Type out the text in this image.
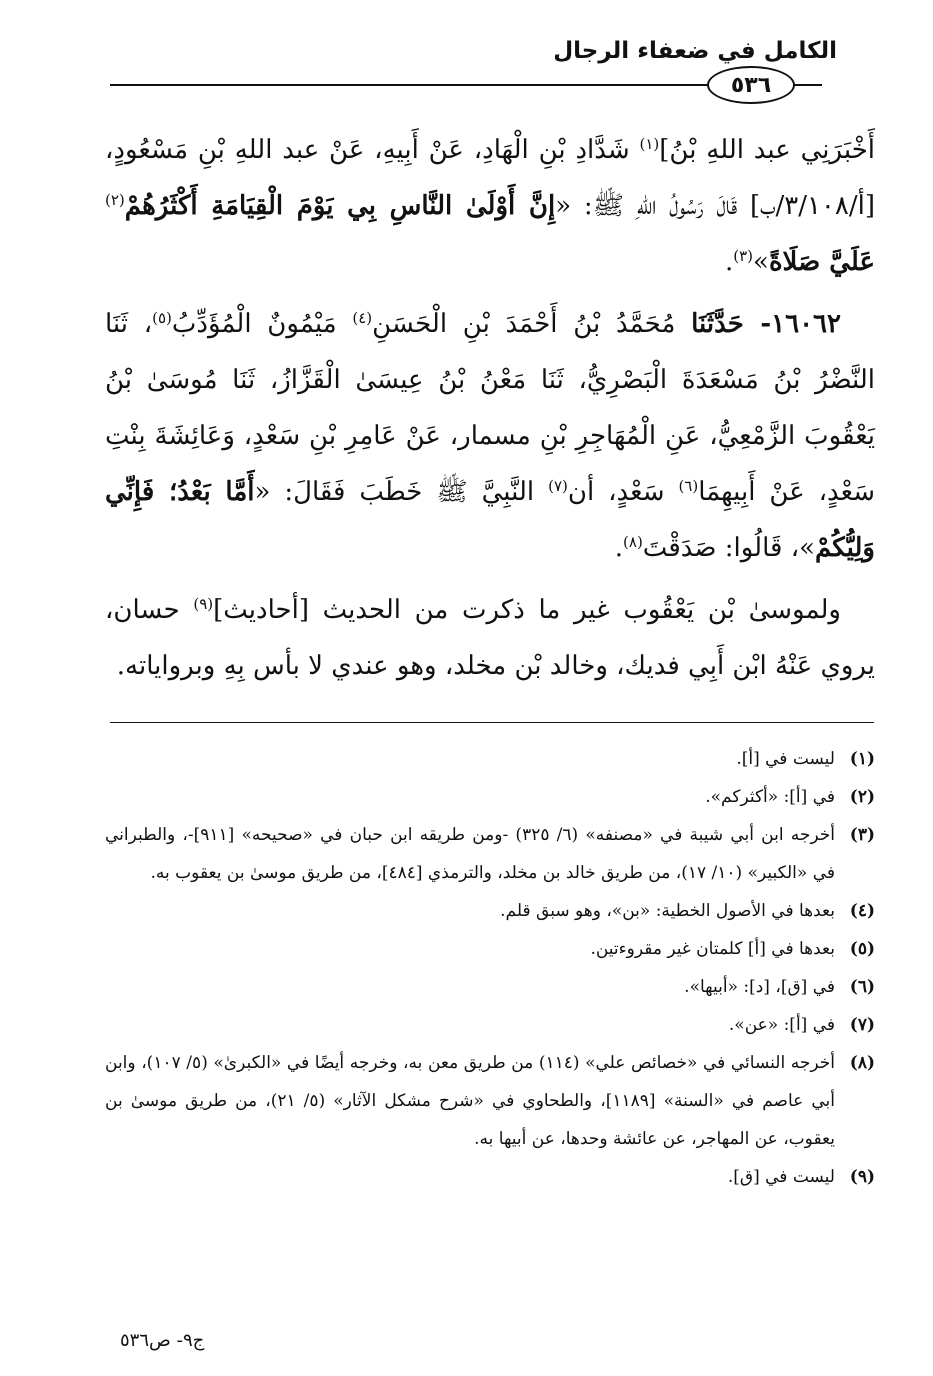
الكامل في ضعفاء الرجال
٥٣٦

أَخْبَرَنِي عبد اللهِ بْنُ]$^{(١)}$ شَدَّادِ بْنِ الْهَادِ، عَنْ أَبِيهِ، عَنْ عبد اللهِ بْنِ مَسْعُودٍ، [أ/٣/١٠٨/ب] قَالَ رَسُولُ اللهِ ﷺ: «إِنَّ أَوْلَىٰ النَّاسِ بِي يَوْمَ الْقِيَامَةِ أَكْثَرُهُمْ$^{(٢)}$ عَلَيَّ صَلَاةً»$^{(٣)}$.

١٦٠٦٢- حَدَّثَنَا مُحَمَّدُ بْنُ أَحْمَدَ بْنِ الْحَسَنِ$^{(٤)}$ مَيْمُونٌ الْمُؤَدِّبُ$^{(٥)}$، ثَنَا النَّضْرُ بْنُ مَسْعَدَةَ الْبَصْرِيُّ، ثَنَا مَعْنُ بْنُ عِيسَىٰ الْقَزَّازُ، ثَنَا مُوسَىٰ بْنُ يَعْقُوبَ الزَّمْعِيُّ، عَنِ الْمُهَاجِرِ بْنِ مسمار، عَنْ عَامِرِ بْنِ سَعْدٍ، وَعَائِشَةَ بِنْتِ سَعْدٍ، عَنْ أَبِيهِمَا$^{(٦)}$ سَعْدٍ، أن$^{(٧)}$ النَّبِيَّ ﷺ خَطَبَ فَقَالَ: «أَمَّا بَعْدُ؛ فَإِنِّي وَلِيُّكُمْ»، قَالُوا: صَدَقْتَ$^{(٨)}$.

ولموسىٰ بْن يَعْقُوب غير ما ذكرت من الحديث [أحاديث]$^{(٩)}$ حسان، يروي عَنْهُ ابْن أَبِي فديك، وخالد بْن مخلد، وهو عندي لا بأس بِهِ وبرواياته.

(١)
ليست في [أ].
(٢)
في [أ]: «أكثركم».
(٣)
أخرجه ابن أبي شيبة في «مصنفه» (٦/ ٣٢٥) -ومن طريقه ابن حبان في «صحيحه» [٩١١]-، والطبراني في «الكبير» (١٠/ ١٧)، من طريق خالد بن مخلد، والترمذي [٤٨٤]، من طريق موسىٰ بن يعقوب به.
(٤)
بعدها في الأصول الخطية: «بن»، وهو سبق قلم.
(٥)
بعدها في [أ] كلمتان غير مقروءتين.
(٦)
في [ق]، [د]: «أبيها».
(٧)
في [أ]: «عن».
(٨)
أخرجه النسائي في «خصائص علي» (١١٤) من طريق معن به، وخرجه أيضًا في «الكبرىٰ» (٥/ ١٠٧)، وابن أبي عاصم في «السنة» [١١٨٩]، والطحاوي في «شرح مشكل الآثار» (٥/ ٢١)، من طريق موسىٰ بن يعقوب، عن المهاجر، عن عائشة وحدها، عن أبيها به.
(٩)
ليست في [ق].
ج٩- ص٥٣٦
